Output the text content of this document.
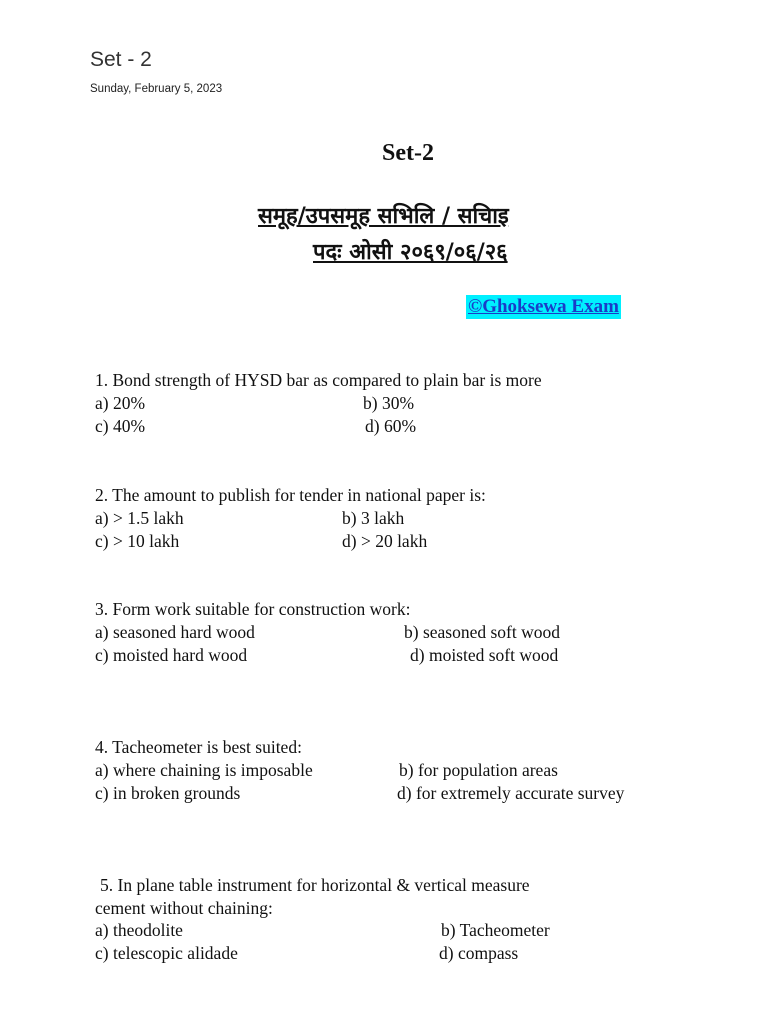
Set - 2
Sunday, February 5, 2023
Set-2
समूह/उपसमूह सभिलि / सचिाइ
पदः ओसी २०६९/०६/२६
©Ghoksewa Exam
1. Bond strength of HYSD bar as compared to plain bar is more
a) 20%	b) 30%
c) 40%	d) 60%
2. The amount to publish for tender in national paper is:
a) > 1.5 lakh	b) 3 lakh
c) > 10 lakh	d) > 20 lakh
3. Form work suitable for construction work:
a) seasoned hard wood	b) seasoned soft wood
c) moisted hard wood	d) moisted soft wood
4. Tacheometer is best suited:
a) where chaining is imposable	b) for population areas
c) in broken grounds	d) for extremely accurate survey
5. In plane table instrument for horizontal & vertical measure
cement without chaining:
a) theodolite	b) Tacheometer
c) telescopic alidade	d) compass
